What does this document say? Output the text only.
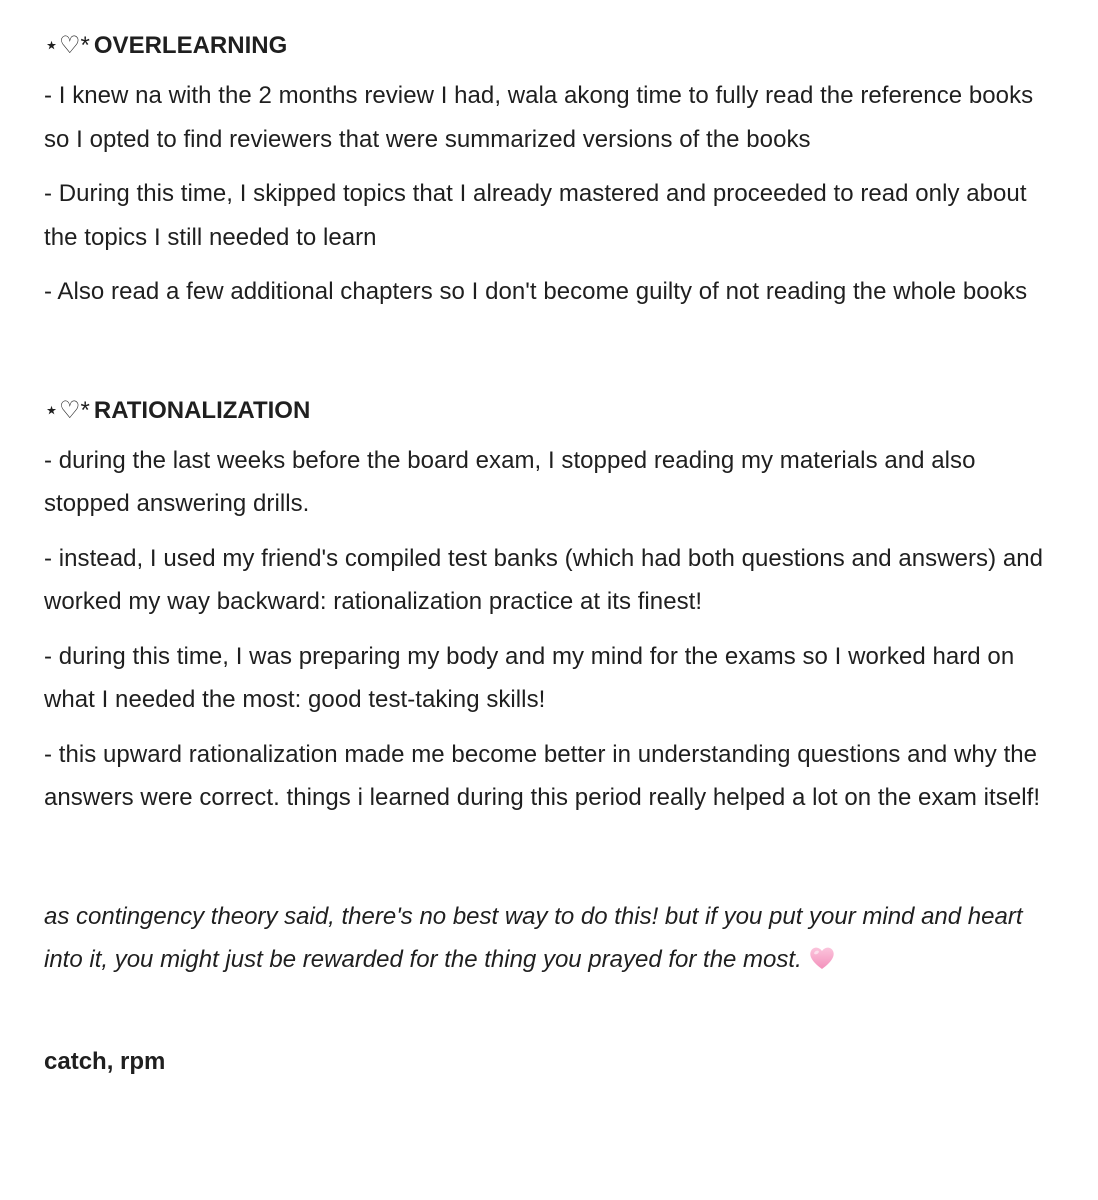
⋆♡* OVERLEARNING

- I knew na with the 2 months review I had, wala akong time to fully read the reference books so I opted to find reviewers that were summarized versions of the books

- During this time, I skipped topics that I already mastered and proceeded to read only about the topics I still needed to learn

- Also read a few additional chapters so I don't become guilty of not reading the whole books

⋆♡* RATIONALIZATION

- during the last weeks before the board exam, I stopped reading my materials and also stopped answering drills.

- instead, I used my friend's compiled test banks (which had both questions and answers) and worked my way backward: rationalization practice at its finest!

- during this time, I was preparing my body and my mind for the exams so I worked hard on what I needed the most: good test-taking skills!

- this upward rationalization made me become better in understanding questions and why the answers were correct. things i learned during this period really helped a lot on the exam itself!

as contingency theory said, there's no best way to do this! but if you put your mind and heart into it, you might just be rewarded for the thing you prayed for the most.

catch, rpm
